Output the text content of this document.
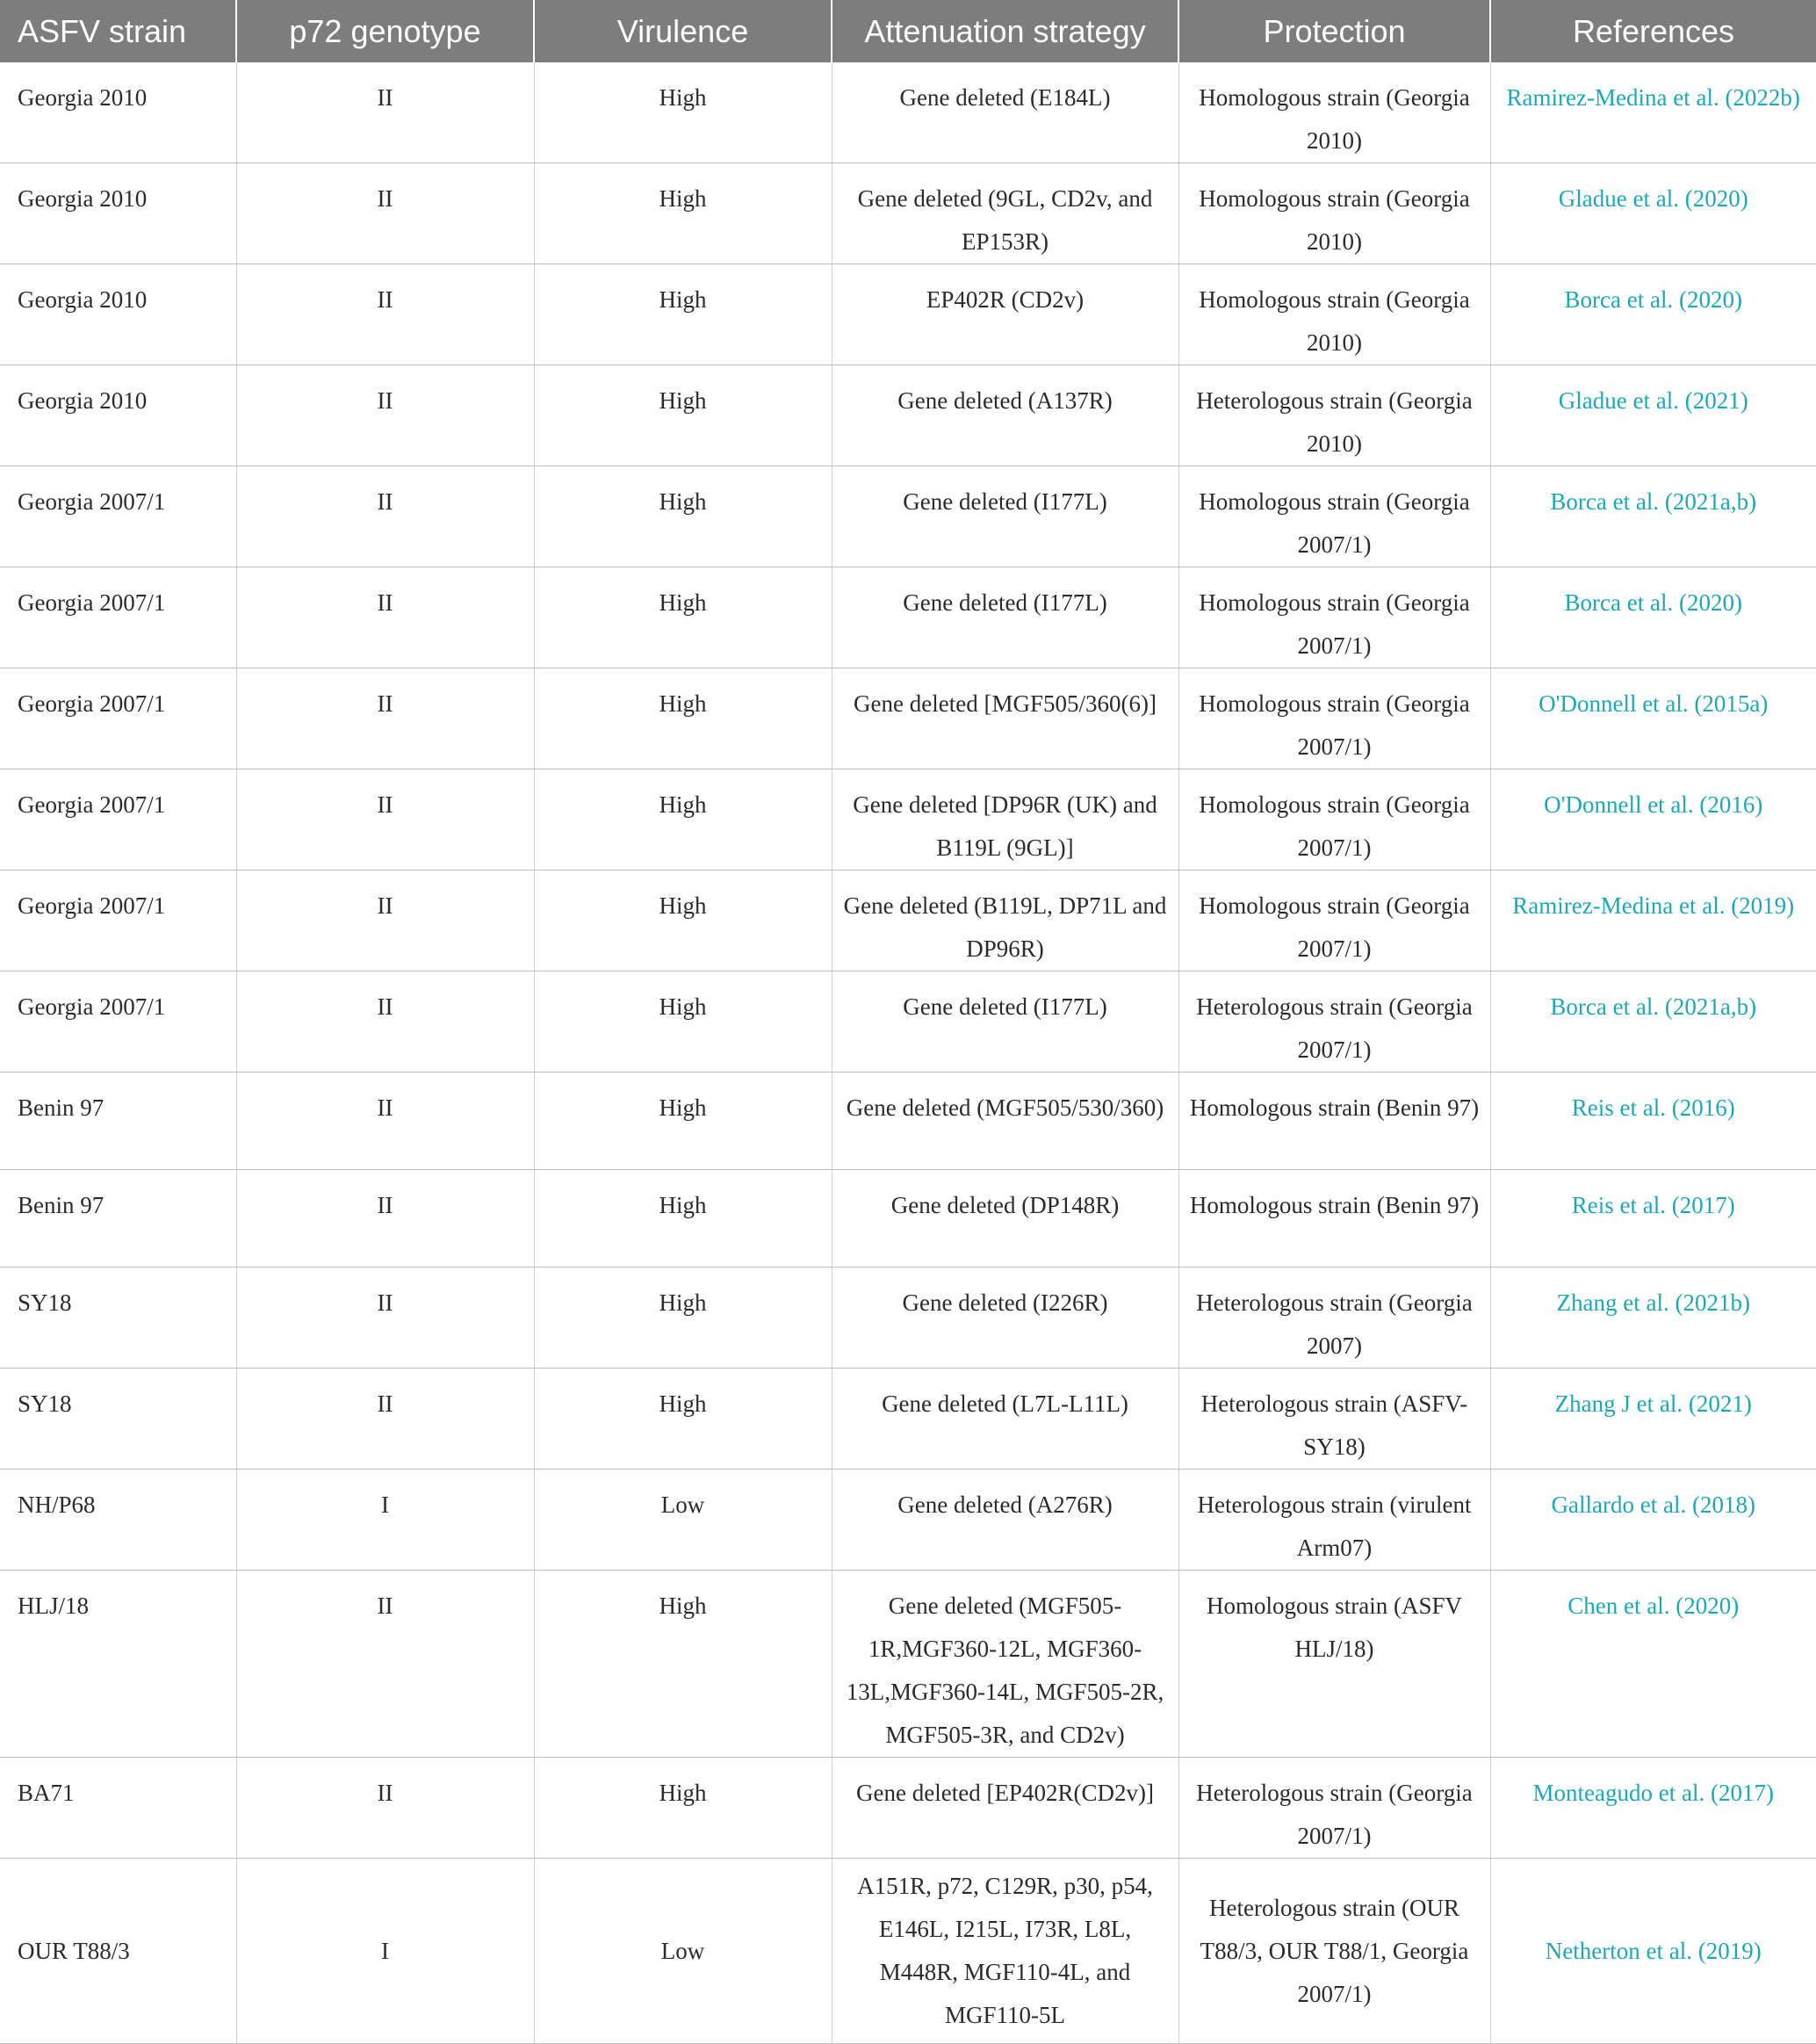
ASFV strain	p72 genotype	Virulence	Attenuation strategy	Protection	References
Georgia 2010	II	High	Gene deleted (E184L)	Homologous strain (Georgia 2010)	Ramirez-Medina et al. (2022b)
Georgia 2010	II	High	Gene deleted (9GL, CD2v, and EP153R)	Homologous strain (Georgia 2010)	Gladue et al. (2020)
Georgia 2010	II	High	EP402R (CD2v)	Homologous strain (Georgia 2010)	Borca et al. (2020)
Georgia 2010	II	High	Gene deleted (A137R)	Heterologous strain (Georgia 2010)	Gladue et al. (2021)
Georgia 2007/1	II	High	Gene deleted (I177L)	Homologous strain (Georgia 2007/1)	Borca et al. (2021a,b)
Georgia 2007/1	II	High	Gene deleted (I177L)	Homologous strain (Georgia 2007/1)	Borca et al. (2020)
Georgia 2007/1	II	High	Gene deleted [MGF505/360(6)]	Homologous strain (Georgia 2007/1)	O'Donnell et al. (2015a)
Georgia 2007/1	II	High	Gene deleted [DP96R (UK) and B119L (9GL)]	Homologous strain (Georgia 2007/1)	O'Donnell et al. (2016)
Georgia 2007/1	II	High	Gene deleted (B119L, DP71L and DP96R)	Homologous strain (Georgia 2007/1)	Ramirez-Medina et al. (2019)
Georgia 2007/1	II	High	Gene deleted (I177L)	Heterologous strain (Georgia 2007/1)	Borca et al. (2021a,b)
Benin 97	II	High	Gene deleted (MGF505/530/360)	Homologous strain (Benin 97)	Reis et al. (2016)
Benin 97	II	High	Gene deleted (DP148R)	Homologous strain (Benin 97)	Reis et al. (2017)
SY18	II	High	Gene deleted (I226R)	Heterologous strain (Georgia 2007)	Zhang et al. (2021b)
SY18	II	High	Gene deleted (L7L-L11L)	Heterologous strain (ASFV-SY18)	Zhang J et al. (2021)
NH/P68	I	Low	Gene deleted (A276R)	Heterologous strain (virulent Arm07)	Gallardo et al. (2018)
HLJ/18	II	High	Gene deleted (MGF505-1R,MGF360-12L, MGF360-13L,MGF360-14L, MGF505-2R, MGF505-3R, and CD2v)	Homologous strain (ASFV HLJ/18)	Chen et al. (2020)
BA71	II	High	Gene deleted [EP402R(CD2v)]	Heterologous strain (Georgia 2007/1)	Monteagudo et al. (2017)
OUR T88/3	I	Low	A151R, p72, C129R, p30, p54, E146L, I215L, I73R, L8L, M448R, MGF110-4L, and MGF110-5L	Heterologous strain (OUR T88/3, OUR T88/1, Georgia 2007/1)	Netherton et al. (2019)
